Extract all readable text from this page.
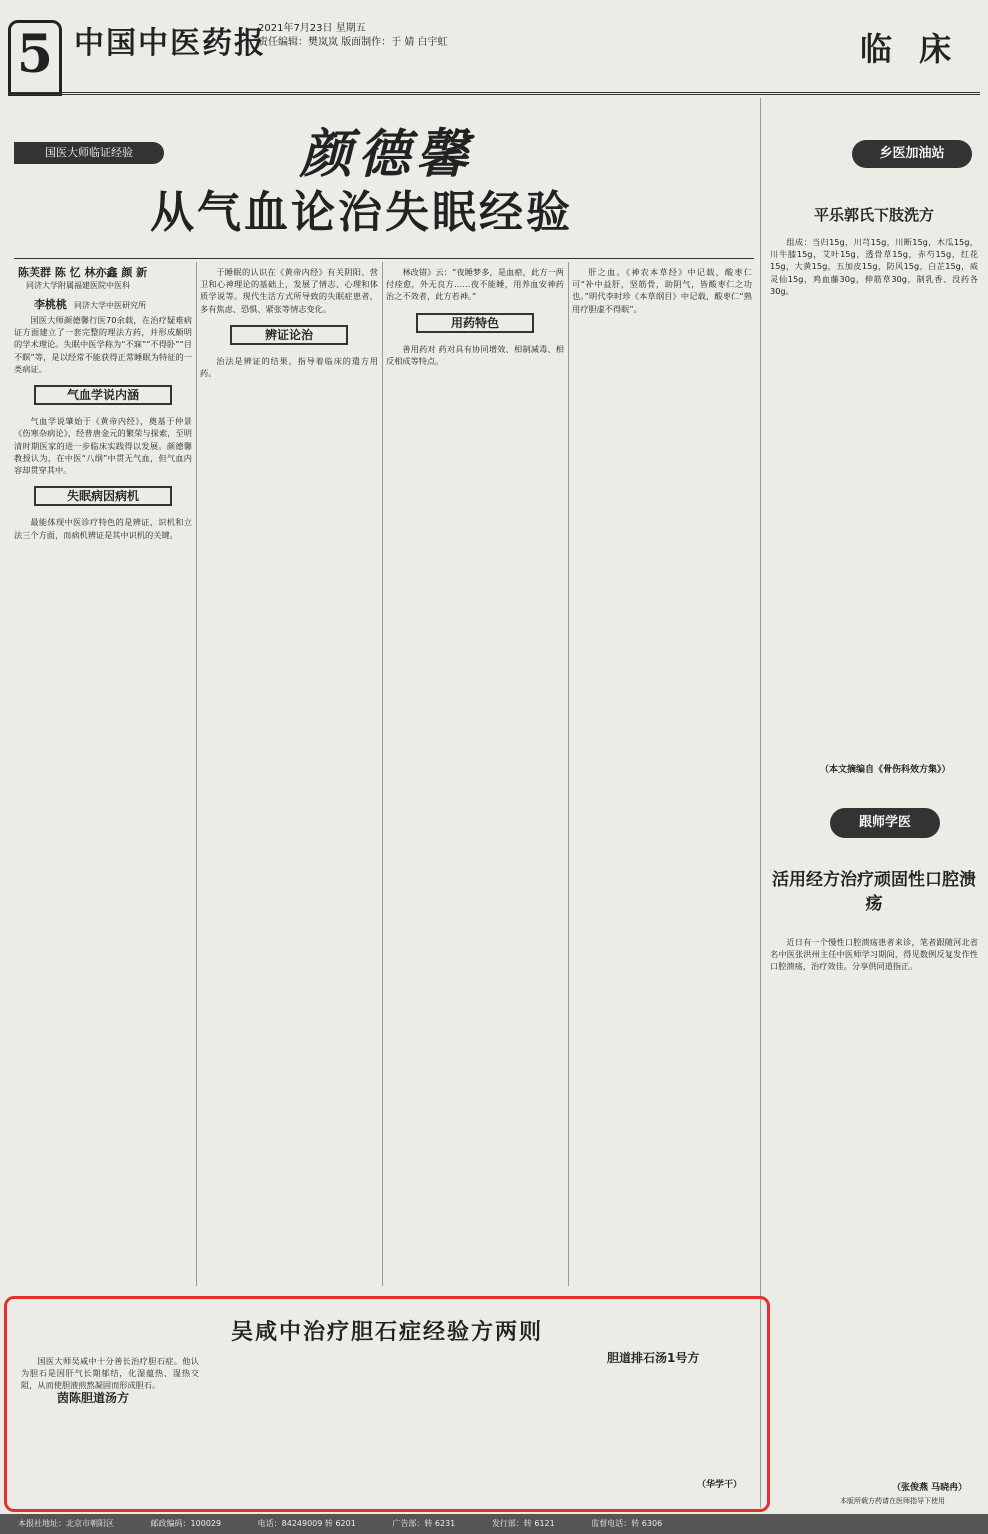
5 中国中医药报
2021年7月23日 星期五
责任编辑：樊岚岚 版面制作：于 婧 白宇虹	临 床
国医大师临证经验	颜德馨
从气血论治失眠经验
陈芙群 陈 忆 林亦鑫 颜 新
同济大学附属福建医院中医科
李桃桃 同济大学中医研究所

国医大师颜德馨行医70余载，在治疗疑难病证方面建立了一套完整的理法方药，并形成颇明的学术理论。失眠中医学称为“不寐”“不得卧”“目不瞑”等，是以经常不能获得正常睡眠为特征的一类病证。

气血学说内涵

气血学说肇始于《黄帝内经》，奠基于仲景《伤寒杂病论》，经普唐金元的繁荣与探索，至明清时期医家的进一步临床实践得以发展。颜德馨教授认为，在中医“八纲”中贯无气血，但气血内容却贯穿其中。

失眠病因病机

最能体现中医诊疗特色的是辨证，识机和立法三个方面，而病机辨证是其中识机的关键。

于睡眠的认识在《黄帝内经》有关阴阳、营卫和心神理论的基础上，发展了情志、心理和体质学说等。现代生活方式所导致的失眠症患者，多有焦虑、恐惧、紧张等情志变化。

辨证论治

治法是辨证的结果，指导着临床的遣方用药。

林改错》云：“夜睡梦多，是血瘀，此方一两付痊愈，外无良方……夜不能睡，用养血安神药治之不效者，此方若神。”

用药特色

善用药对 药对具有协同增效、相制减毒、相反相成等特点。

肝之血。《神农本草经》中记载，酸枣仁可“补中益肝，坚筋骨，助阴气，皆酸枣仁之功也。”明代李时珍《本草纲目》中记载，酸枣仁“熟用疗胆虚不得眠”。

乡医加油站
平乐郭氏下肢洗方

组成：当归15g，川芎15g，川断15g，木瓜15g，川牛膝15g，艾叶15g，透骨草15g，赤芍15g，红花15g，大黄15g，五加皮15g，防风15g，白芷15g，威灵仙15g，鸡血藤30g，伸筋草30g，制乳香、没药各30g。

（本文摘编自《骨伤科效方集》）
跟师学医
活用经方治疗顽固性口腔溃疡

近日有一个慢性口腔溃疡患者来诊，笔者跟随河北省名中医张洪州主任中医师学习期间，得见数例反复发作性口腔溃疡，治疗效佳。分享供同道指正。

（张俊燕 马晓冉）
本版所载方药请在医师指导下使用
吴咸中治疗胆石症经验方两则

国医大师吴咸中十分善长治疗胆石症。他认为胆石是因肝气长期郁结，化湿蕴热、湿热交阻，从而使胆液煎熬凝固而形成胆石。

茵陈胆道汤方
胆道排石汤1号方
（华学干）
本报社地址：北京市朝阳区	邮政编码：100029	电话：84249009 转 6201	广告部：转 6231	发行部：转 6121	监督电话：转 6306
